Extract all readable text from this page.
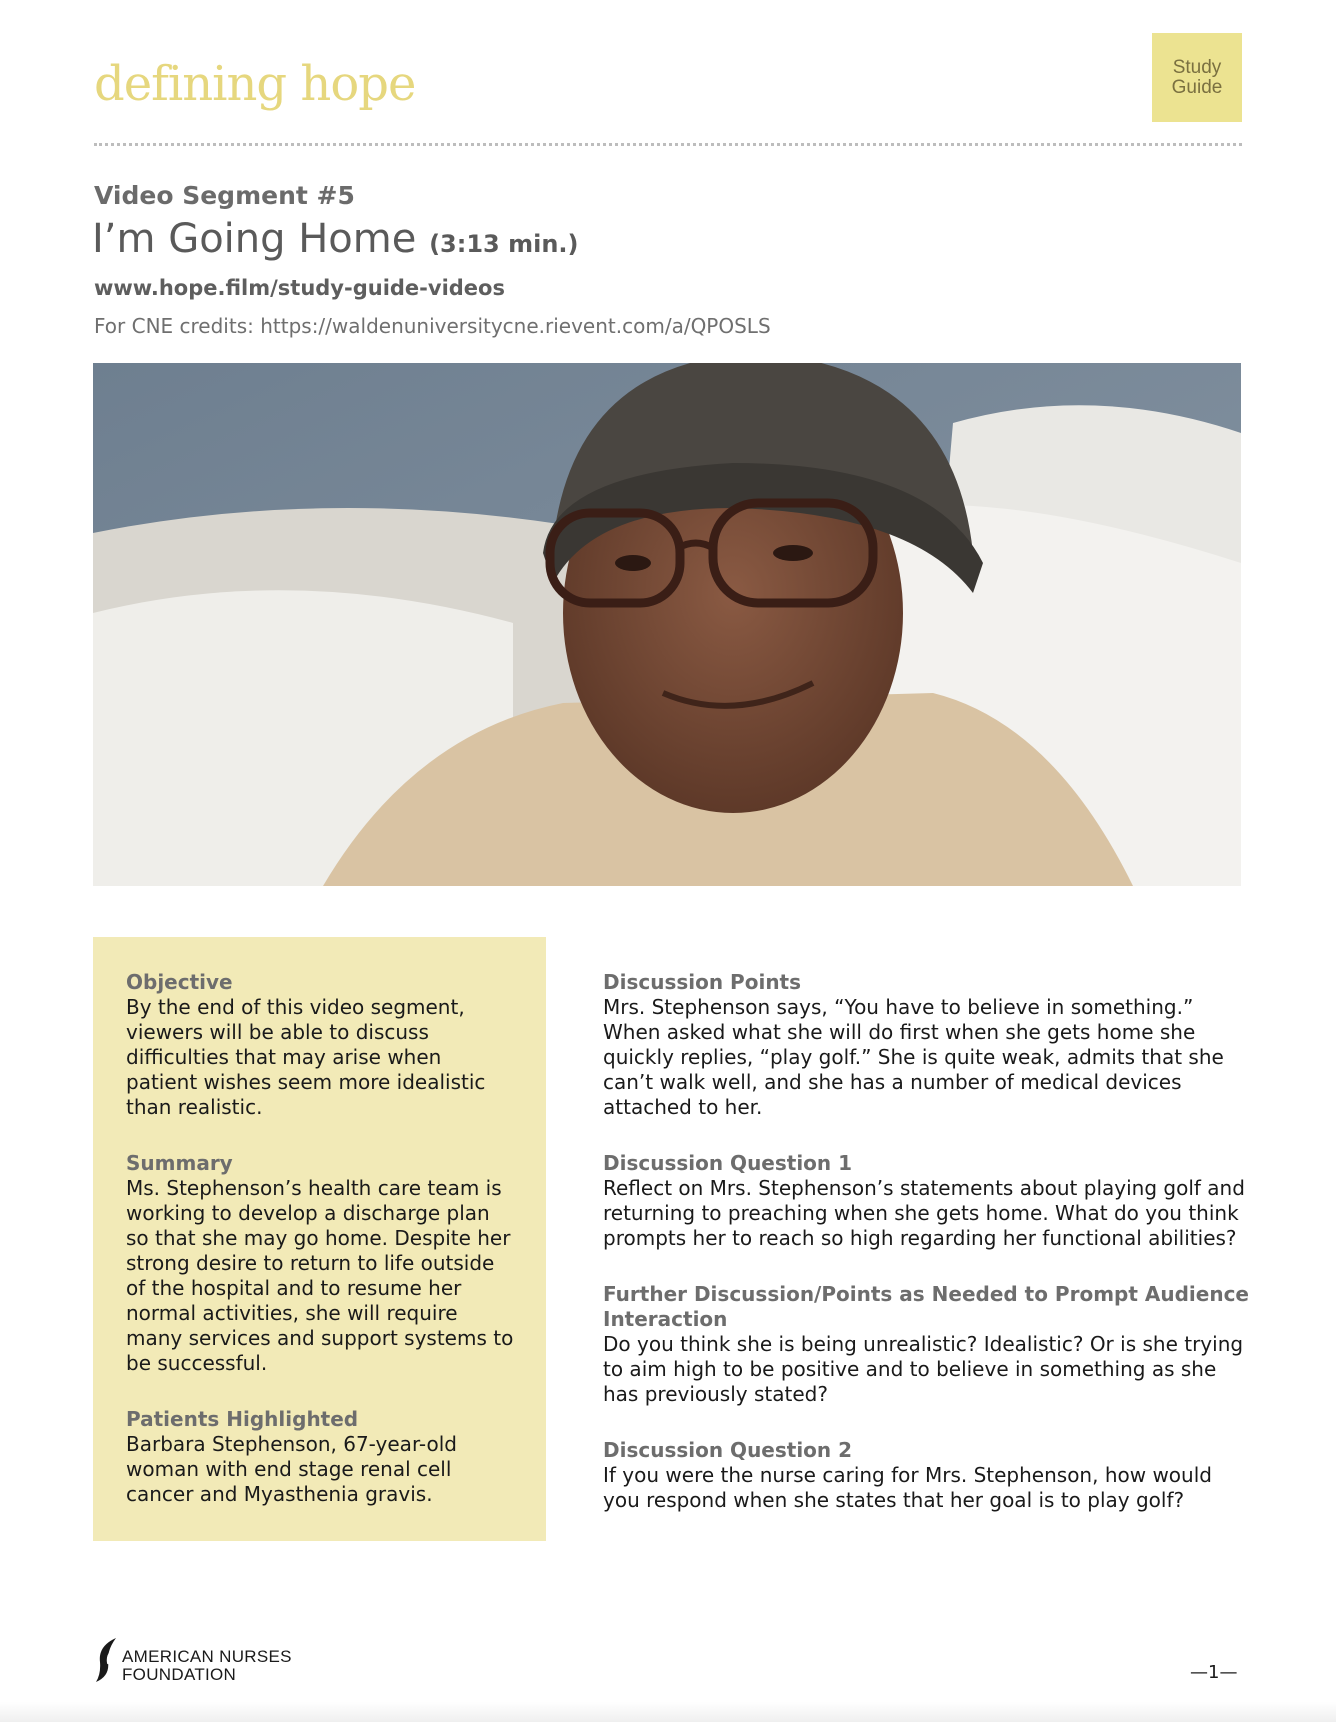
defining hope	Study
Guide
Video Segment #5
I’m Going Home (3:13 min.)
www.hope.film/study-guide-videos
For CNE credits: https://waldenuniversitycne.rievent.com/a/QPOSLS
Objective
By the end of this video segment, viewers will be able to discuss difficulties that may arise when patient wishes seem more idealistic than realistic.
Summary
Ms. Stephenson’s health care team is working to develop a discharge plan so that she may go home. Despite her strong desire to return to life outside of the hospital and to resume her normal activities, she will require many services and support systems to be successful.
Patients Highlighted
Barbara Stephenson, 67-year-old woman with end stage renal cell cancer and Myasthenia gravis.
Discussion Points
Mrs. Stephenson says, “You have to believe in something.” When asked what she will do first when she gets home she quickly replies, “play golf.” She is quite weak, admits that she can’t walk well, and she has a number of medical devices attached to her.
Discussion Question 1
Reflect on Mrs. Stephenson’s statements about playing golf and returning to preaching when she gets home. What do you think prompts her to reach so high regarding her functional abilities?
Further Discussion/Points as Needed to Prompt Audience Interaction
Do you think she is being unrealistic? Idealistic? Or is she trying to aim high to be positive and to believe in something as she has previously stated?
Discussion Question 2
If you were the nurse caring for Mrs. Stephenson, how would you respond when she states that her goal is to play golf?
AMERICAN NURSES
FOUNDATION	—1—
